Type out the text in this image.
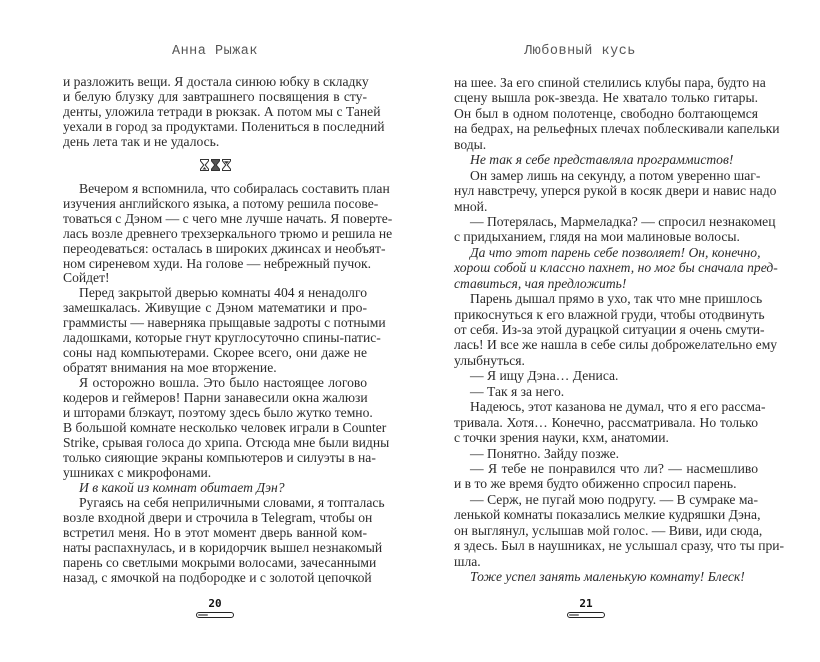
Анна Рыжак
и разложить вещи. Я достала синюю юбку в складку
и белую блузку для завтрашнего посвящения в сту-
денты, уложила тетради в рюкзак. А потом мы с Таней
уехали в город за продуктами. Полениться в последний
день лета так и не удалось.
Вечером я вспомнила, что собиралась составить план
изучения английского языка, а потому решила посове-
товаться с Дэном — с чего мне лучше начать. Я поверте-
лась возле древнего трехзеркального трюмо и решила не
переодеваться: осталась в широких джинсах и необъят-
ном сиреневом худи. На голове — небрежный пучок.
Сойдет!
Перед закрытой дверью комнаты 404 я ненадолго
замешкалась. Живущие с Дэном математики и про-
граммисты — наверняка прыщавые задроты с потными
ладошками, которые гнут круглосуточно спины-патис-
соны над компьютерами. Скорее всего, они даже не
обратят внимания на мое вторжение.
Я осторожно вошла. Это было настоящее логово
кодеров и геймеров! Парни занавесили окна жалюзи
и шторами блэкаут, поэтому здесь было жутко темно.
В большой комнате несколько человек играли в Counter
Strike, срывая голоса до хрипа. Отсюда мне были видны
только сияющие экраны компьютеров и силуэты в на-
ушниках с микрофонами.
И в какой из комнат обитает Дэн?
Ругаясь на себя неприличными словами, я топталась
возле входной двери и строчила в Telegram, чтобы он
встретил меня. Но в этот момент дверь ванной ком-
наты распахнулась, и в коридорчик вышел незнакомый
парень со светлыми мокрыми волосами, зачесанными
назад, с ямочкой на подбородке и с золотой цепочкой
20
Любовный кусь
на шее. За его спиной стелились клубы пара, будто на
сцену вышла рок-звезда. Не хватало только гитары.
Он был в одном полотенце, свободно болтающемся
на бедрах, на рельефных плечах поблескивали капельки
воды.
Не так я себе представляла программистов!
Он замер лишь на секунду, а потом уверенно шаг-
нул навстречу, уперся рукой в косяк двери и навис надо
мной.
— Потерялась, Мармеладка? — спросил незнакомец
с придыханием, глядя на мои малиновые волосы.
Да что этот парень себе позволяет! Он, конечно,
хорош собой и классно пахнет, но мог бы сначала пред-
ставиться, чая предложить!
Парень дышал прямо в ухо, так что мне пришлось
прикоснуться к его влажной груди, чтобы отодвинуть
от себя. Из-за этой дурацкой ситуации я очень смути-
лась! И все же нашла в себе силы доброжелательно ему
улыбнуться.
— Я ищу Дэна… Дениса.
— Так я за него.
Надеюсь, этот казанова не думал, что я его рассма-
тривала. Хотя… Конечно, рассматривала. Но только
с точки зрения науки, кхм, анатомии.
— Понятно. Зайду позже.
— Я тебе не понравился что ли? — насмешливо
и в то же время будто обиженно спросил парень.
— Серж, не пугай мою подругу. — В сумраке ма-
ленькой комнаты показались мелкие кудряшки Дэна,
он выглянул, услышав мой голос. — Виви, иди сюда,
я здесь. Был в наушниках, не услышал сразу, что ты при-
шла.
Тоже успел занять маленькую комнату! Блеск!
21
